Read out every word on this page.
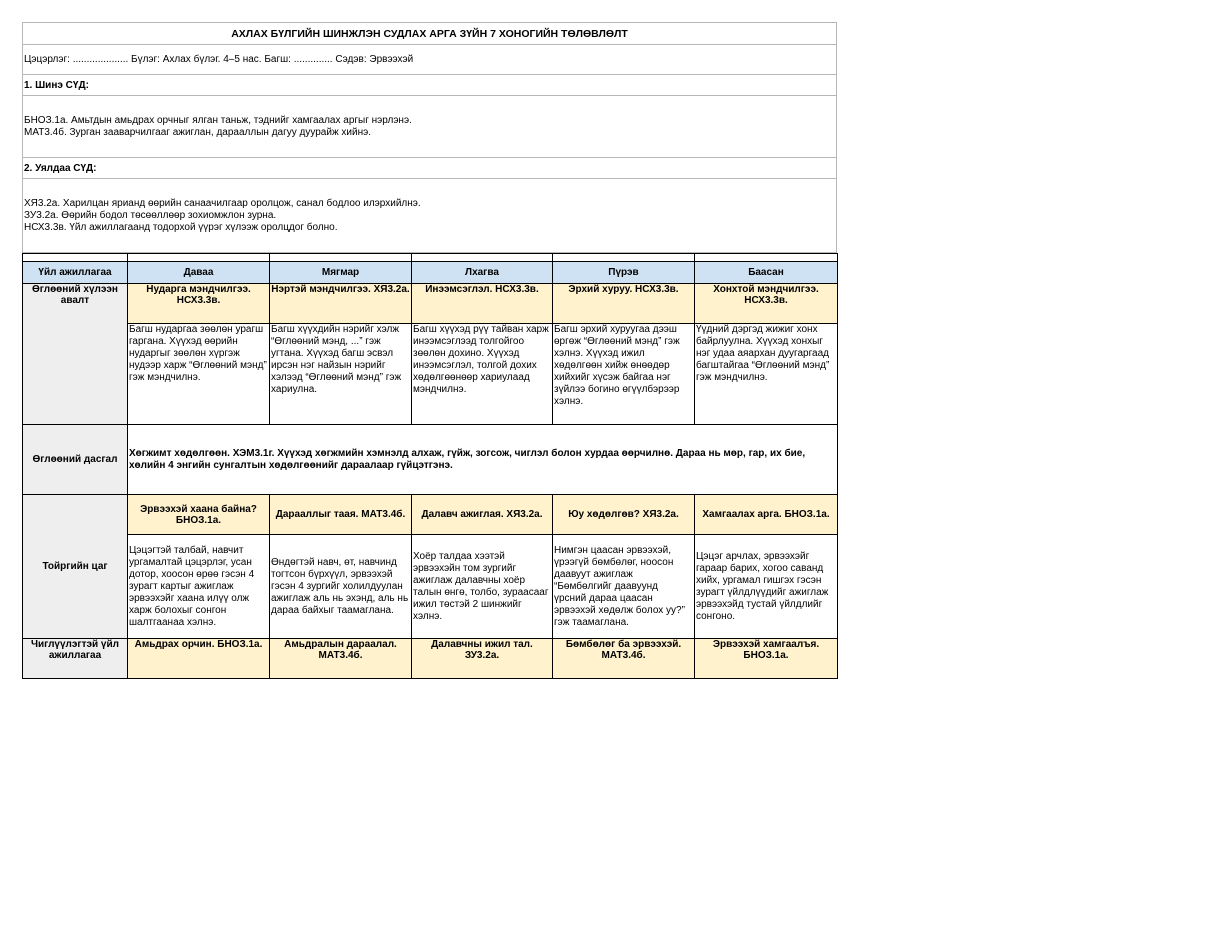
АХЛАХ БҮЛГИЙН ШИНЖЛЭН СУДЛАХ АРГА ЗҮЙН 7 ХОНОГИЙН ТӨЛӨВЛӨЛТ
Цэцэрлэг: .................... Бүлэг: Ахлах бүлэг. 4–5 нас. Багш: .............. Сэдэв: Эрвээхэй
1. Шинэ СҮД:
БНОЗ.1а. Амьтдын амьдрах орчныг ялган таньж, тэднийг хамгаалах аргыг нэрлэнэ.
МАТ3.4б. Зурган зааварчилгааг ажиглан, дарааллын дагуу дуурайж хийнэ.
2. Уялдаа СҮД:
ХЯ3.2а. Харилцан ярианд өөрийн санаачилгаар оролцож, санал бодлоо илэрхийлнэ.
ЗУ3.2а. Өөрийн бодол төсөөллөөр зохиомжлон зурна.
НСХ3.3в. Үйл ажиллагаанд тодорхой үүрэг хүлээж оролцдог болно.

Үйл ажиллагаа	Даваа	Мягмар	Лхагва	Пүрэв	Баасан
Өглөөний хүлээн авалт	Нударга мэндчилгээ. НСХ3.3в.	Нэртэй мэндчилгээ. ХЯ3.2а.	Инээмсэглэл. НСХ3.3в.	Эрхий хуруу. НСХ3.3в.	Хонхтой мэндчилгээ. НСХ3.3в.
	Багш нударгаа зөөлөн урагш гаргана. Хүүхэд өөрийн нударгыг зөөлөн хүргэж нудээр харж “Өглөөний мэнд” гэж мэндчилнэ.	Багш хүүхдийн нэрийг хэлж “Өглөөний мэнд, ...” гэж угтана. Хүүхэд багш эсвэл ирсэн нэг найзын нэрийг хэлээд “Өглөөний мэнд” гэж хариулна.	Багш хүүхэд рүү тайван харж инээмсэглээд толгойгоо зөөлөн дохино. Хүүхэд инээмсэглэл, толгой дохих хөдөлгөөнөөр хариулаад мэндчилнэ.	Багш эрхий хуруугаа дээш өргөж “Өглөөний мэнд” гэж хэлнэ. Хүүхэд ижил хөдөлгөөн хийж өнөөдөр хийхийг хүсэж байгаа нэг зүйлээ богино өгүүлбэрээр хэлнэ.	Үүдний дэргэд жижиг хонх байрлуулна. Хүүхэд хонхыг нэг удаа аяархан дуугаргаад багштайгаа “Өглөөний мэнд” гэж мэндчилнэ.
Өглөөний дасгал	Хөгжимт хөдөлгөөн. ХЭМ3.1г. Хүүхэд хөгжмийн хэмнэлд алхаж, гүйж, зогсож, чиглэл болон хурдаа өөрчилнө. Дараа нь мөр, гар, их бие, хөлийн 4 энгийн сунгалтын хөдөлгөөнийг дараалаар гүйцэтгэнэ.				
Тойргийн цаг	Эрвээхэй хаана байна? БНОЗ.1а.	Дарааллыг таая. МАТ3.4б.	Далавч ажиглая. ХЯ3.2а.	Юу хөдөлгөв? ХЯ3.2а.	Хамгаалах арга. БНОЗ.1а.
	Цэцэгтэй талбай, навчит ургамалтай цэцэрлэг, усан дотор, хоосон өрөө гэсэн 4 зурагт картыг ажиглаж эрвээхэйг хаана илүү олж харж болохыг сонгон шалтгаанаа хэлнэ.	Өндөгтэй навч, өт, навчинд тогтсон бүрхүүл, эрвээхэй гэсэн 4 зургийг холилдуулан ажиглаж аль нь эхэнд, аль нь дараа байхыг таамаглана.	Хоёр талдаа хээтэй эрвээхэйн том зургийг ажиглаж далавчны хоёр талын өнгө, толбо, зураасааг ижил төстэй 2 шинжийг хэлнэ.	Нимгэн цаасан эрвээхэй, үрээгүй бөмбөлөг, ноосон даавуут ажиглаж “Бөмбөлгийг даавуунд үрсний дараа цаасан эрвээхэй хөдөлж болох уу?” гэж таамаглана.	Цэцэг арчлах, эрвээхэйг гараар барих, хогоо саванд хийх, ургамал гишгэх гэсэн зурагт үйлдлүүдийг ажиглаж эрвээхэйд тустай үйлдлийг сонгоно.
Чиглүүлэгтэй үйл ажиллагаа	Амьдрах орчин. БНОЗ.1а.	Амьдралын дараалал. МАТ3.4б.	Далавчны ижил тал. ЗУ3.2а.	Бөмбөлөг ба эрвээхэй. МАТ3.4б.	Эрвээхэй хамгаалъя. БНОЗ.1а.
